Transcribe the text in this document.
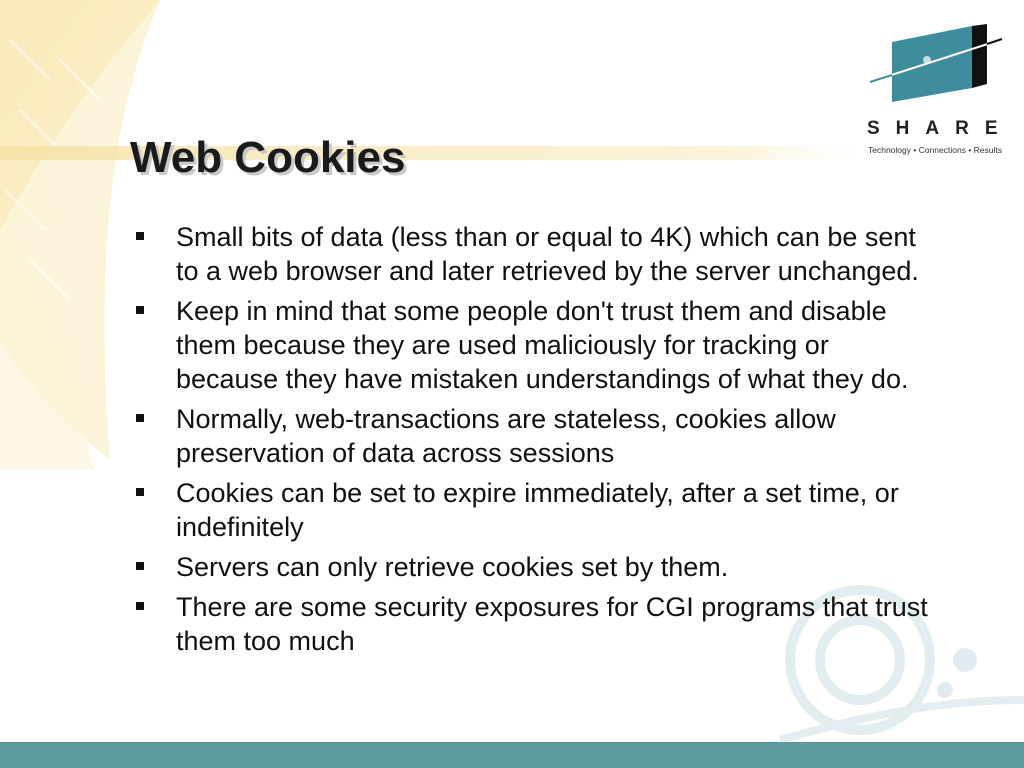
SHARE
Technology • Connections • Results
Web Cookies
Small bits of data (less than or equal to 4K) which can be sent to a web browser and later retrieved by the server unchanged.
Keep in mind that some people don't trust them and disable them because they are used maliciously for tracking or because they have mistaken understandings of what they do.
Normally, web-transactions are stateless, cookies allow preservation of data across sessions
Cookies can be set to expire immediately, after a set time, or indefinitely
Servers can only retrieve cookies set by them.
There are some security exposures for CGI programs that trust them too much
